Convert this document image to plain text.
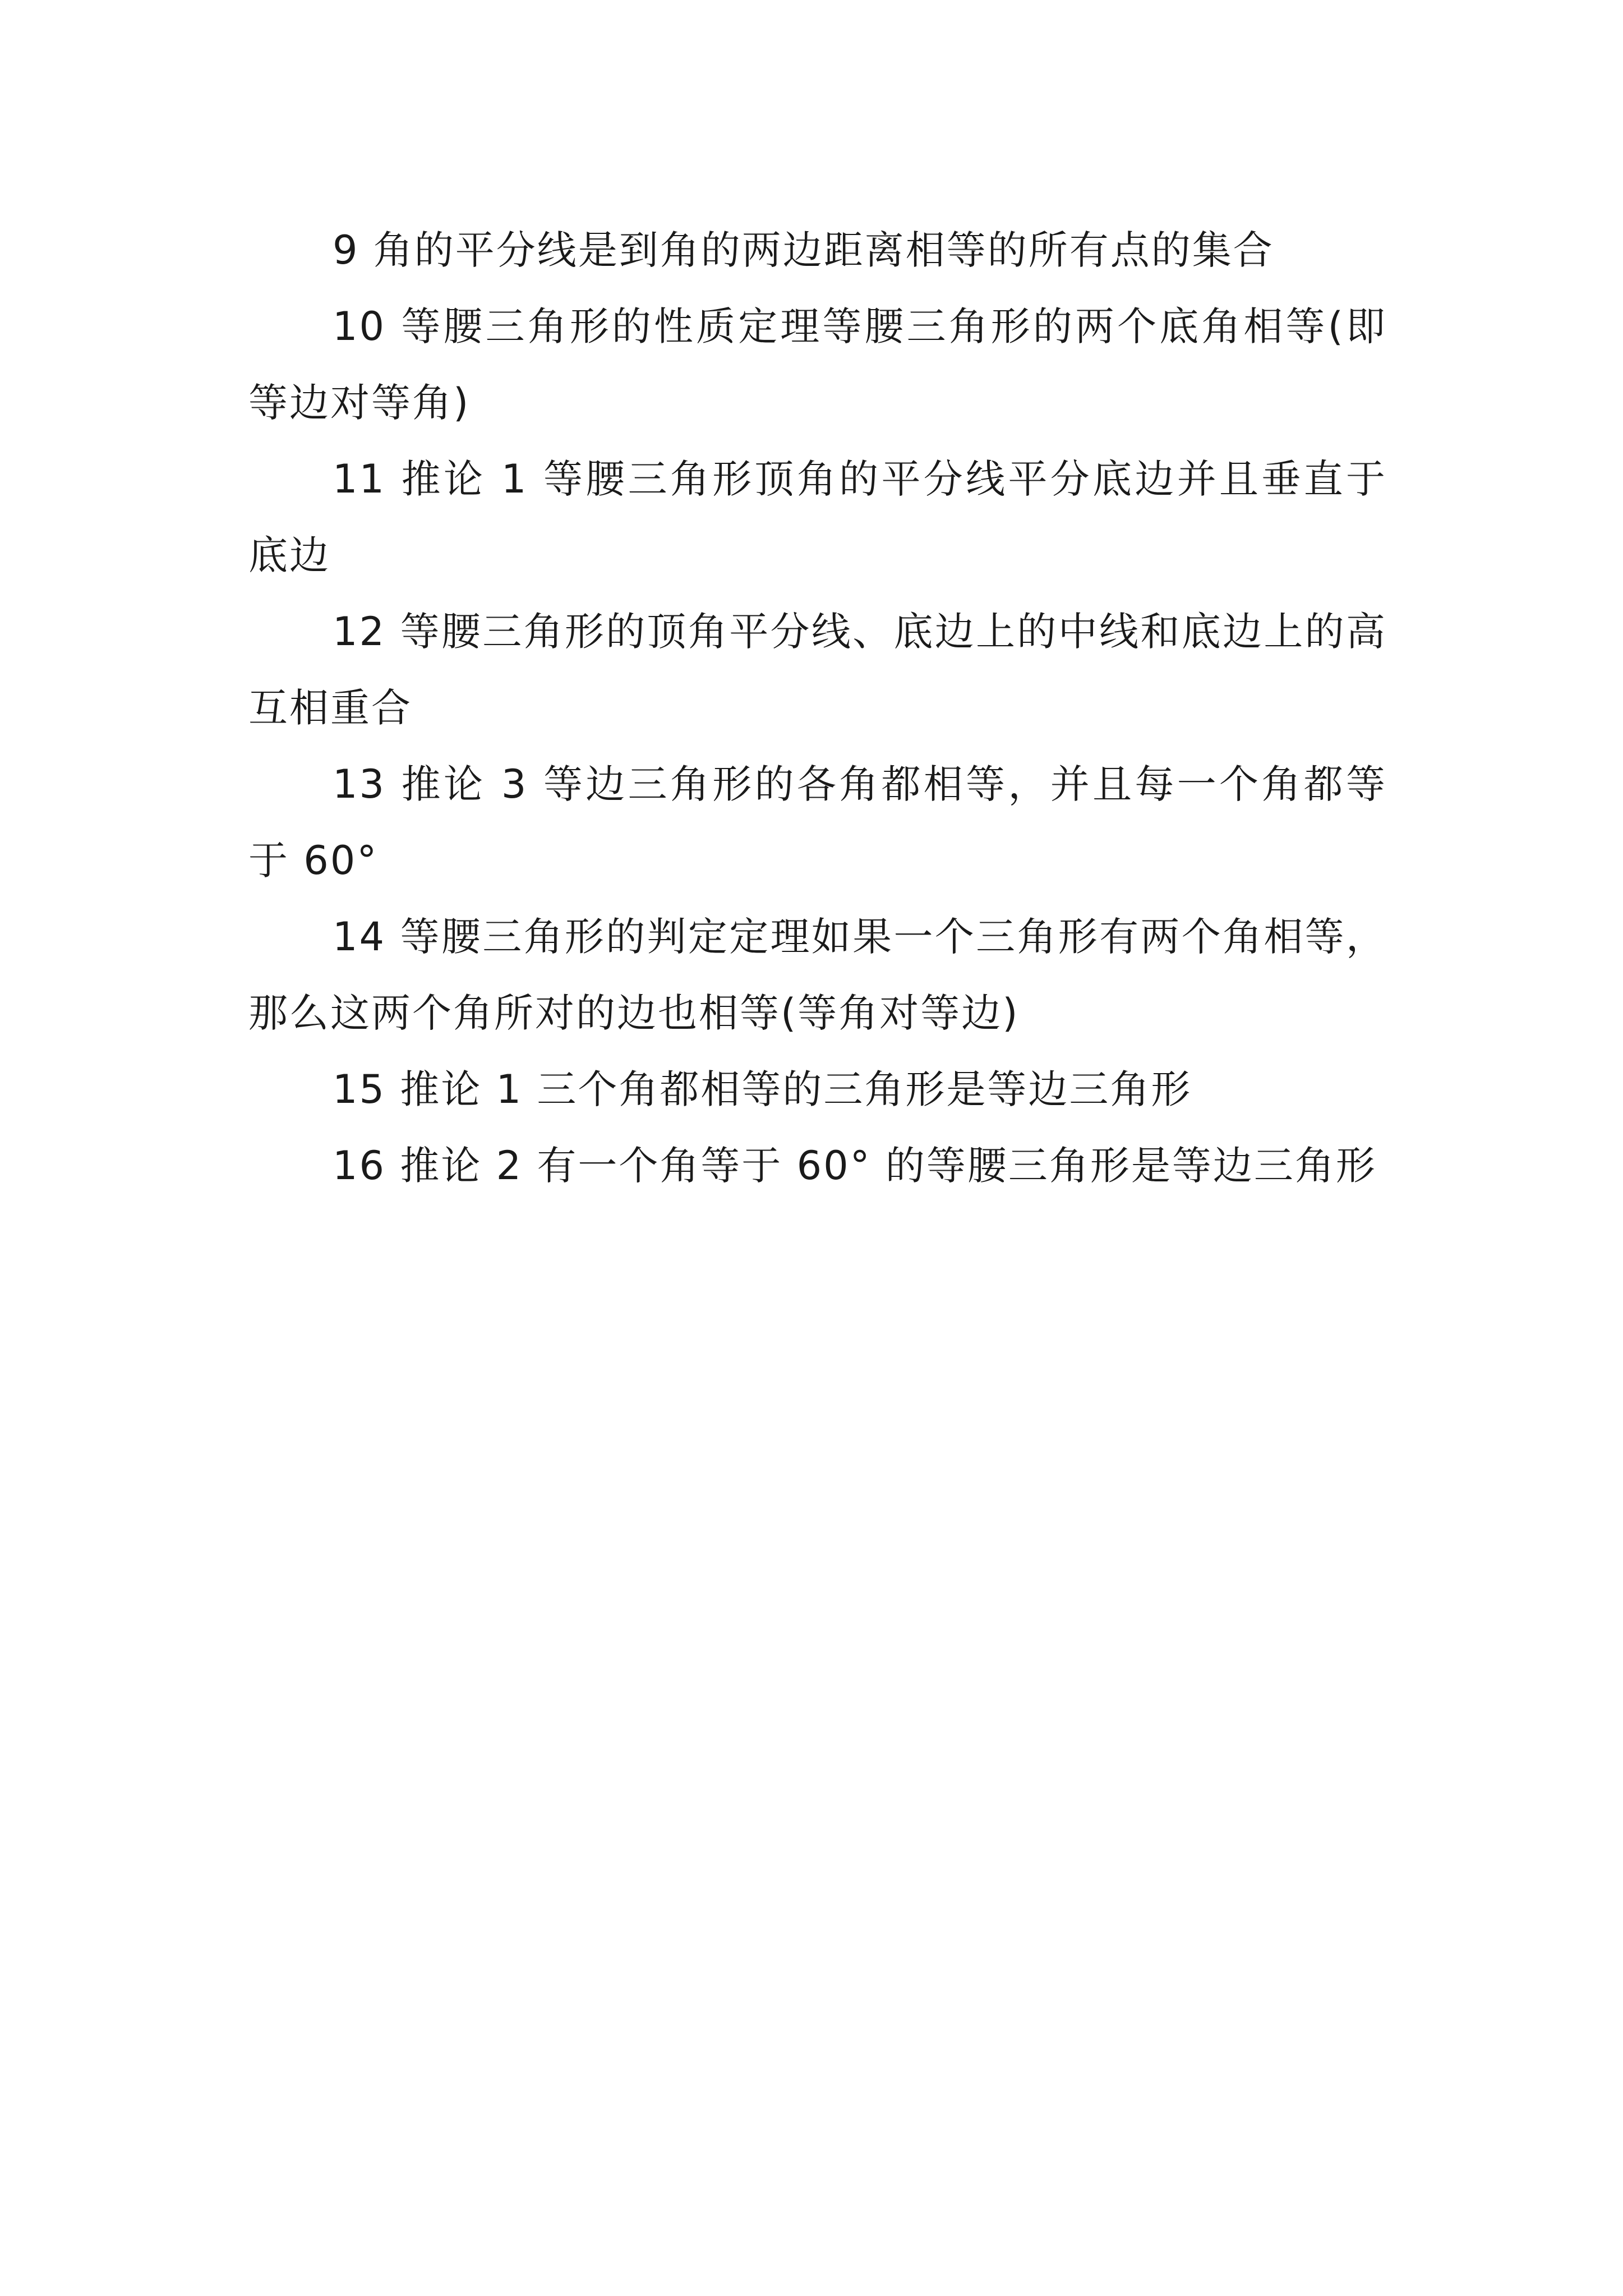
9 角的平分线是到角的两边距离相等的所有点的集合

10 等腰三角形的性质定理等腰三角形的两个底角相等(即等边对等角)

11 推论 1 等腰三角形顶角的平分线平分底边并且垂直于底边

12 等腰三角形的顶角平分线、底边上的中线和底边上的高互相重合

13 推论 3 等边三角形的各角都相等，并且每一个角都等于 60°

14 等腰三角形的判定定理如果一个三角形有两个角相等，那么这两个角所对的边也相等(等角对等边)

15 推论 1 三个角都相等的三角形是等边三角形

16 推论 2 有一个角等于 60° 的等腰三角形是等边三角形
